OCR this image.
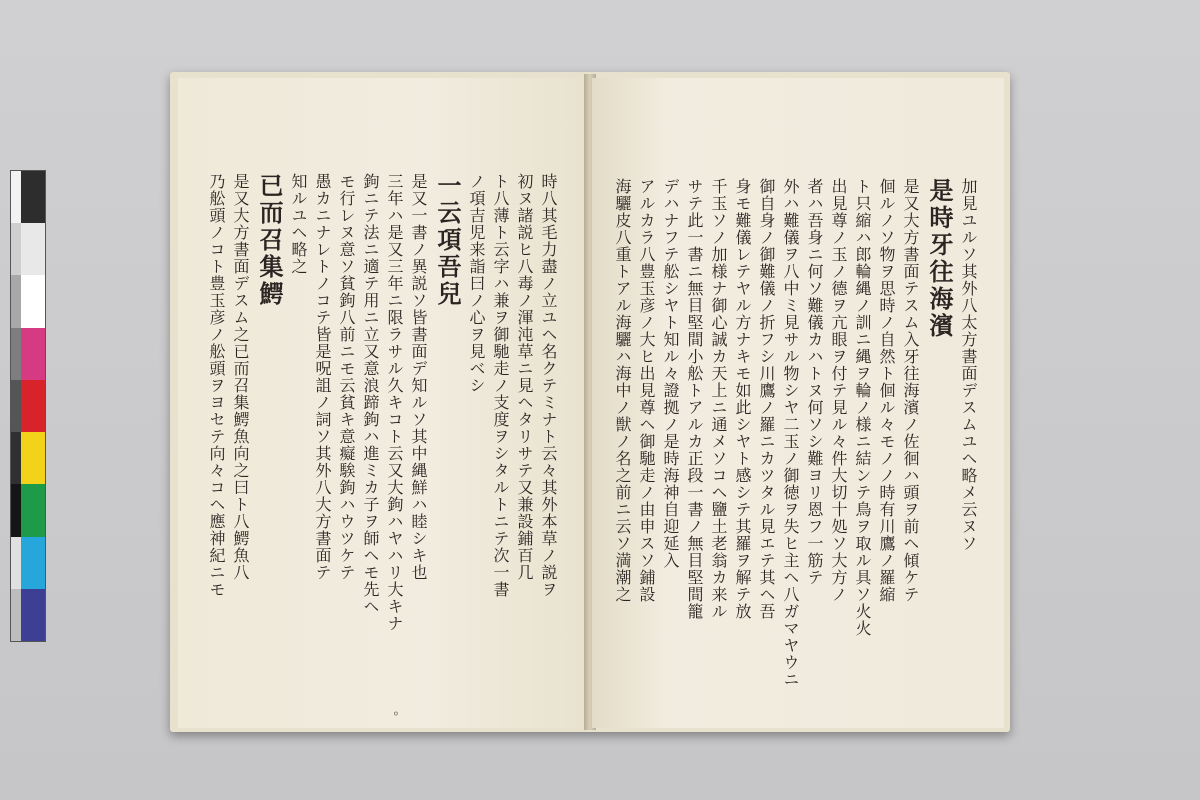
時八其毛力盡ノ立ユヘ名クテミナト云々其外本草ノ説ヲ
初ヌ諸説ヒ八毒ノ渾沌草ニ見ヘタリサテ又兼設鋪百几
ト八薄ト云字ハ兼ヲ御馳走ノ支度ヲシタルトニテ次一書
ノ項吉児来詣曰ノ心ヲ見ベシ
一云項吾兒
是又一書ノ異説ソ皆書面デ知ルソ其中縄鮮ハ睦シキ也
三年ハ是又三年ニ限ラサル久キコト云又大鉤ハヤハリ大キナ
鉤ニテ法ニ適テ用ニ立又意浪蹄鉤ハ進ミカ子ヲ師ヘモ先ヘ
モ行レヌ意ソ貧鉤八前ニモ云貧キ意癡騃鉤ハウツケテ
愚カニナレトノコテ皆是呪詛ノ詞ソ其外八大方書面テ
知ルユヘ略之
已而召集鰐
是又大方書面デスム之已而召集鰐魚向之曰ト八鰐魚八
乃舩頭ノコト豊玉彦ノ舩頭ヲヨセテ向々コヘ應神紀ニモ
⸰
加見ユルソ其外八太方書面デスムユヘ略メ云ヌソ
是時牙往海濱
是又大方書面テスム入牙往海濱ノ佐徊ハ頭ヲ前ヘ傾ケテ
佪ルノソ物ヲ思時ノ自然ト佪ル々モノノ時有川鷹ノ羅縮
ト只縮ハ郎輪縄ノ訓ニ縄ヲ輪ノ様ニ結ンテ鳥ヲ取ル具ソ火火
出見尊ノ玉ノ德ヲ亢眼ヲ付テ見ル々件大切十処ソ大方ノ
者ハ吾身ニ何ソ難儀カハトヌ何ソシ難ヨリ恩フ一筋テ
外ハ難儀ヲ八中ミ見サル物シヤ二玉ノ御徳ヲ失ヒ主ヘ八ガマヤウニ
御自身ノ御難儀ノ折フシ川鷹ノ羅ニカツタル見エテ其ヘ吾
身モ難儀レテヤル方ナキモ如此シヤト感シテ其羅ヲ解テ放
千玉ソノ加様ナ御心誠カ天上ニ通メソコヘ鹽土老翁カ来ル
サテ此一書ニ無目堅間小舩トアルカ正段一書ノ無目堅間籠
デハナフテ舩シヤト知ル々證拠ノ是時海神自迎延入
アルカラ八豊玉彦ノ大ヒ出見尊ヘ御馳走ノ由申スソ鋪設
海驪皮八重トアル海驪ハ海中ノ獣ノ名之前ニ云ソ満潮之
